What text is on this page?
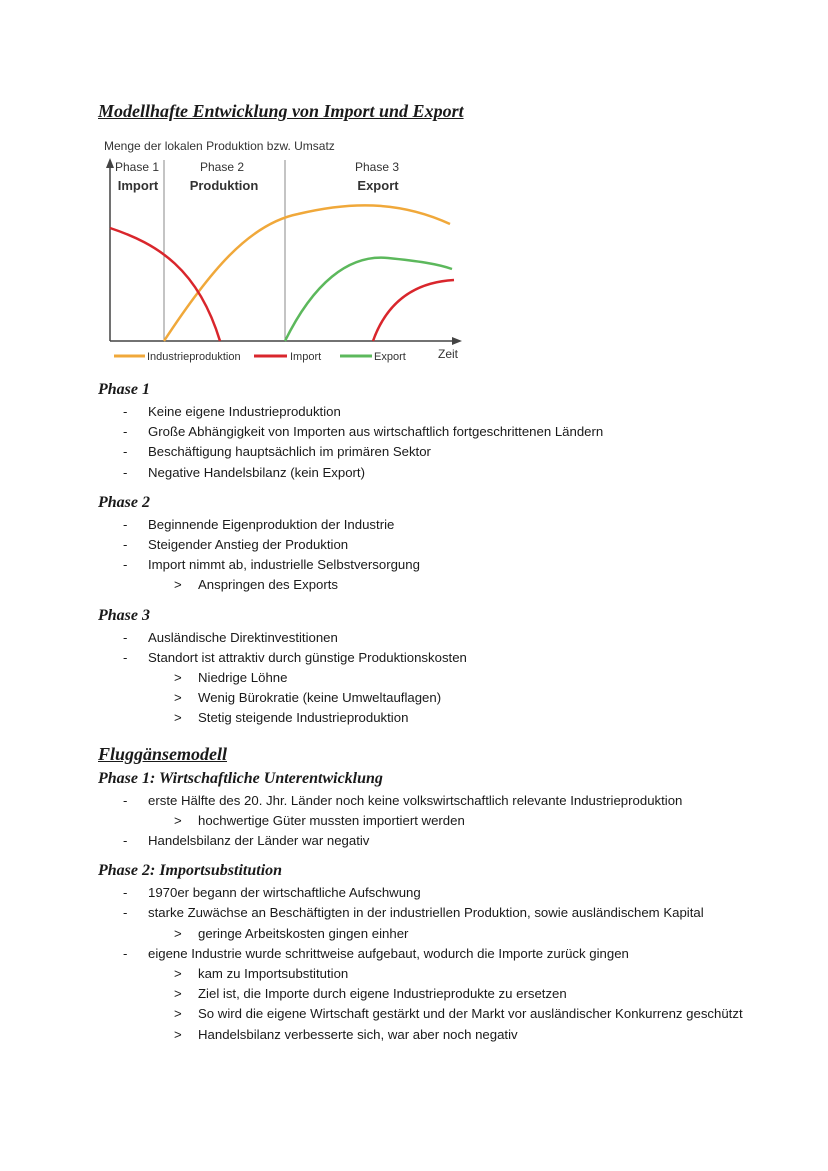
Modellhafte Entwicklung von Import und Export
Menge der lokalen Produktion bzw. Umsatz
Phase 1
Import
Phase 2
Produktion
Phase 3
Export
Industrieproduktion	Import	Export	Zeit
Phase 1
- Keine eigene Industrieproduktion
- Große Abhängigkeit von Importen aus wirtschaftlich fortgeschrittenen Ländern
- Beschäftigung hauptsächlich im primären Sektor
- Negative Handelsbilanz (kein Export)
Phase 2
- Beginnende Eigenproduktion der Industrie
- Steigender Anstieg der Produktion
- Import nimmt ab, industrielle Selbstversorgung
> Anspringen des Exports
Phase 3
- Ausländische Direktinvestitionen
- Standort ist attraktiv durch günstige Produktionskosten
> Niedrige Löhne
> Wenig Bürokratie (keine Umweltauflagen)
> Stetig steigende Industrieproduktion
Fluggänsemodell
Phase 1: Wirtschaftliche Unterentwicklung
- erste Hälfte des 20. Jhr. Länder noch keine volkswirtschaftlich relevante Industrieproduktion
> hochwertige Güter mussten importiert werden
- Handelsbilanz der Länder war negativ
Phase 2: Importsubstitution
- 1970er begann der wirtschaftliche Aufschwung
- starke Zuwächse an Beschäftigten in der industriellen Produktion, sowie ausländischem Kapital
> geringe Arbeitskosten gingen einher
- eigene Industrie wurde schrittweise aufgebaut, wodurch die Importe zurück gingen
> kam zu Importsubstitution
> Ziel ist, die Importe durch eigene Industrieprodukte zu ersetzen
> So wird die eigene Wirtschaft gestärkt und der Markt vor ausländischer Konkurrenz geschützt
> Handelsbilanz verbesserte sich, war aber noch negativ
